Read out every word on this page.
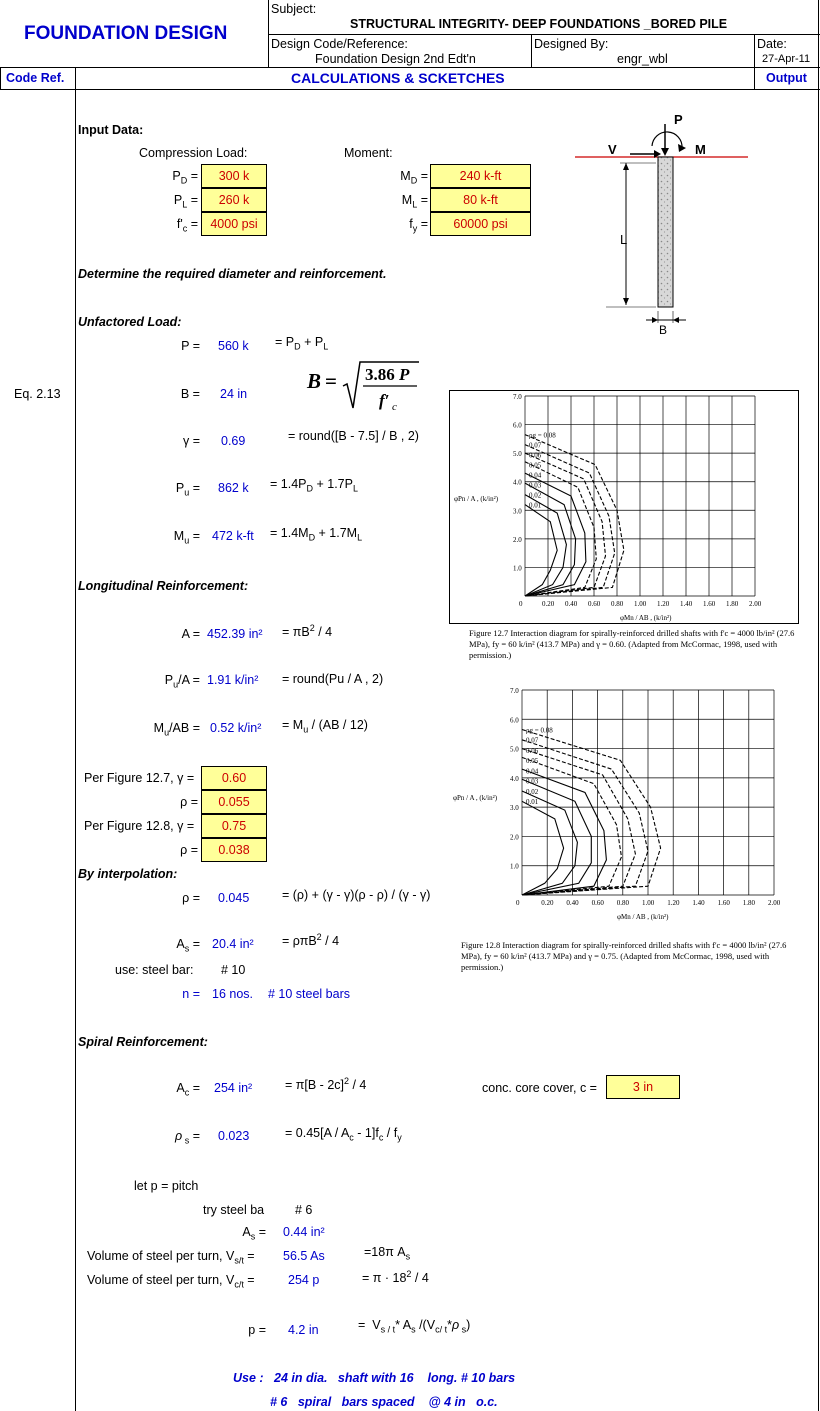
FOUNDATION DESIGN
Subject:
STRUCTURAL INTEGRITY- DEEP FOUNDATIONS _BORED PILE
Design Code/Reference:
Foundation Design 2nd Edt'n
Designed By:
engr_wbl
Date:
27-Apr-11
Code Ref.	CALCULATIONS & SCKETCHES	Output
Input Data:
Compression Load:	Moment:
$P_D$ =	300 k
$P_L$ =	260 k
$f'_c = 4000$ psi
$M_D$ =	240 k-ft
$M_L$ =	80 k-ft
$f_y$ =	60000 psi
P
V	M
L
B
Determine the required diameter and reinforcement.
Unfactored Load:
P = 560 $k = P_D + P_L$
Eq. 2.13	B = 24 in
B = 3.86 P
f′ c
γ = 0.69	= round([B - 7.5] / B , 2)
$P_u = 862$ $k = 1.4P_D + 1.7P_L$
$M_u = 472$ $k-ft = 1.4M_D + 1.7M_L$
Longitudinal Reinforcement:
A = 452.39 $in^2 = \pi B^2 / 4$
$P_u/A = 1.91$ k/in² = round(Pu / A , 2)
$M_u/AB = 0.52$ $k/in^2 = M_u / (AB / 12)$
Per Figure 12.7, γ =	0.60
ρ =	0.055
Per Figure 12.8, γ =	0.75
ρ =	0.038
By interpolation:
ρ = 0.045	= (ρ) + (γ - γ)(ρ - ρ) / (γ - γ)
$A_s = 20.4$ in² = ρπB$^2$ / 4
use: steel bar: # 10
n = 16 nos. # 10 steel bars
Spiral Reinforcement:
$A_c = 254$ in²	= π[B - 2c]$^2$ / 4	conc. core cover, c =	3 in
ρ $_s$ = 0.023	= $0.45[A / A_c - 1]f_c / f_y$
let p = pitch
try steel ba # 6
$A_s = 0.44$ in²
Volume of steel per turn, $V_{s/t} = 56.5$ As	=18π $A_s$
Volume of steel per turn, $V_{c/t}$ =	254 p	= $\pi \cdot 18^2 / 4$
p = 4.2 in	=  $V_{s / t}*$ $A_s$ $/(V_{c/ t}*\rho$ $_s$)
Use : 24 in dia. shaft with 16 long. # 10 bars
# 6 spiral bars spaced @ 4 in o.c.
0	0.20 0.40 0.60 0.80 1.00 1.20 1.40 1.60 1.80 2.00
1.0
2.0
3.0
4.0
5.0
6.0
7.0
φMn / AB , (k/in²)
φPn / A , (k/in²)
ρg = 0.08
0.07
0.06
0.05
0.04
0.03
0.02
0.01
Figure 12.7 Interaction diagram for spirally-reinforced drilled shafts with f'c = 4000 lb/in² (27.6 MPa), fy = 60 k/in² (413.7 MPa) and γ = 0.60. (Adapted from McCormac, 1998, used with permission.)
0	0.20 0.40 0.60 0.80 1.00 1.20 1.40 1.60 1.80 2.00
1.0
2.0
3.0
4.0
5.0
6.0
7.0
φMn / AB , (k/in²)
φPn / A , (k/in²)
ρg = 0.08
0.07
0.06
0.05
0.04
0.03
0.02
0.01
Figure 12.8 Interaction diagram for spirally-reinforced drilled shafts with f'c = 4000 lb/in² (27.6 MPa), fy = 60 k/in² (413.7 MPa) and γ = 0.75. (Adapted from McCormac, 1998, used with permission.)
